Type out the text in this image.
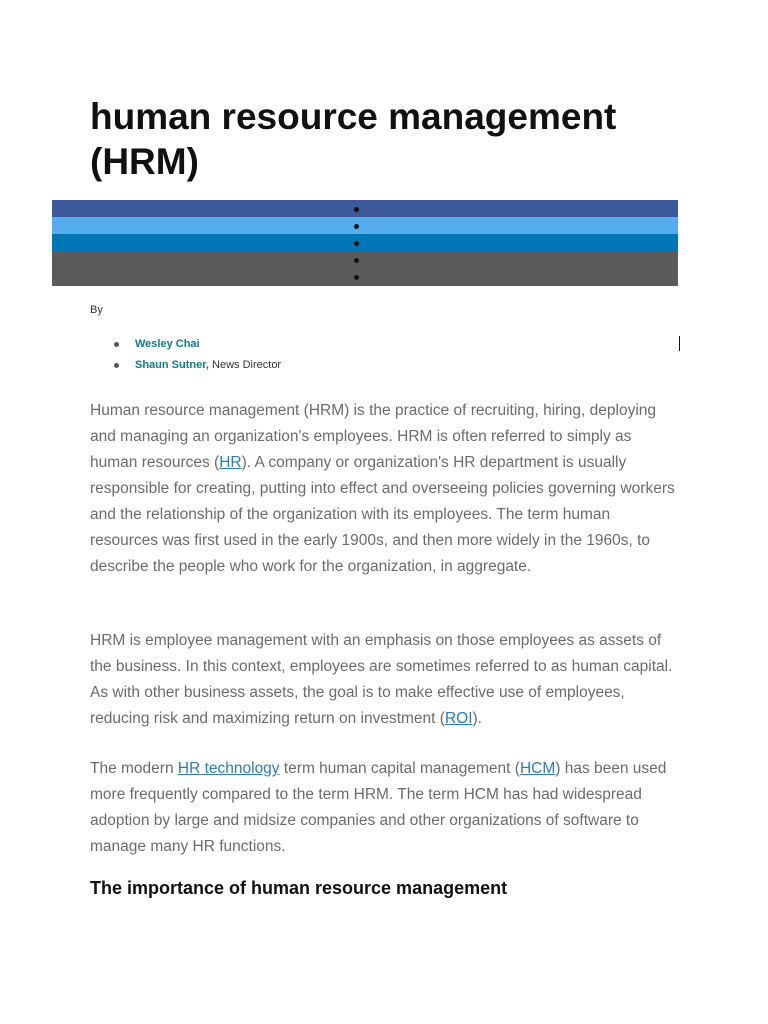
human resource management (HRM)
By
Wesley Chai
Shaun Sutner, News Director

Human resource management (HRM) is the practice of recruiting, hiring, deploying and managing an organization's employees. HRM is often referred to simply as human resources (HR). A company or organization's HR department is usually responsible for creating, putting into effect and overseeing policies governing workers and the relationship of the organization with its employees. The term human resources was first used in the early 1900s, and then more widely in the 1960s, to describe the people who work for the organization, in aggregate.

HRM is employee management with an emphasis on those employees as assets of the business. In this context, employees are sometimes referred to as human capital. As with other business assets, the goal is to make effective use of employees, reducing risk and maximizing return on investment (ROI).

The modern HR technology term human capital management (HCM) has been used more frequently compared to the term HRM. The term HCM has had widespread adoption by large and midsize companies and other organizations of software to manage many HR functions.

The importance of human resource management
